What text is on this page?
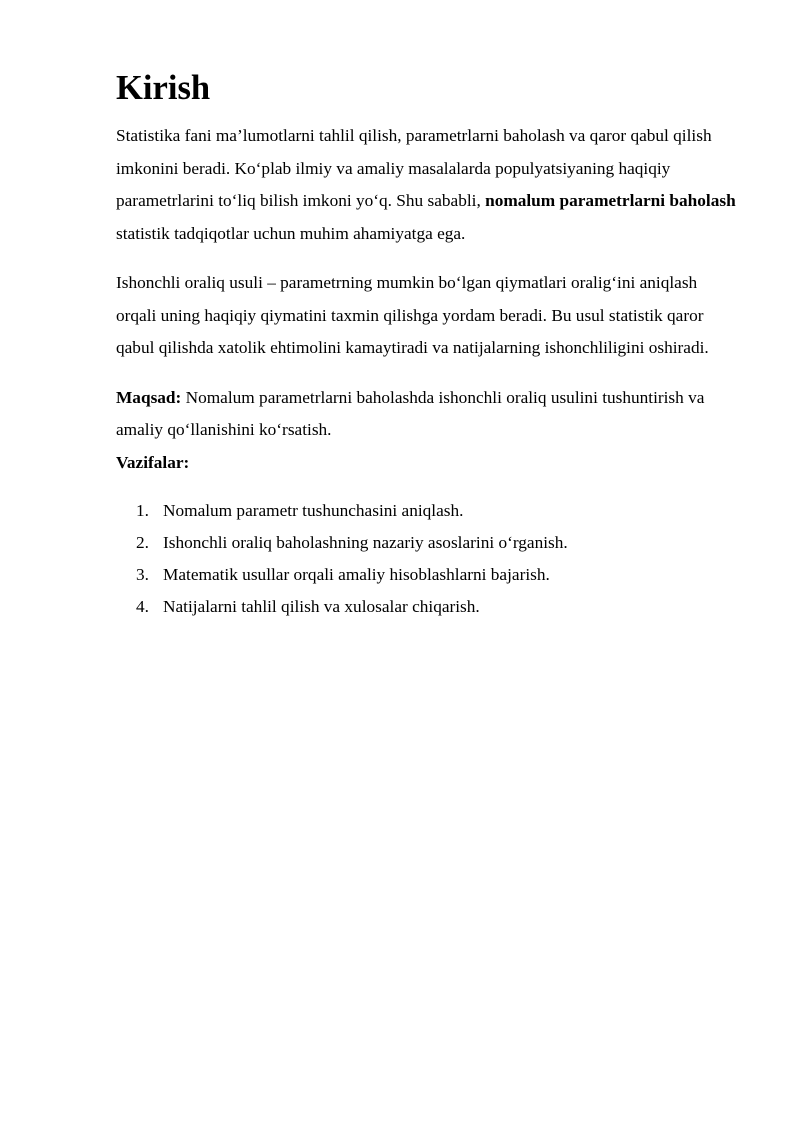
Kirish

Statistika fani ma’lumotlarni tahlil qilish, parametrlarni baholash va qaror qabul qilish imkonini beradi. Ko‘plab ilmiy va amaliy masalalarda populyatsiyaning haqiqiy parametrlarini to‘liq bilish imkoni yo‘q. Shu sababli, nomalum parametrlarni baholash statistik tadqiqotlar uchun muhim ahamiyatga ega.

Ishonchli oraliq usuli – parametrning mumkin bo‘lgan qiymatlari oralig‘ini aniqlash orqali uning haqiqiy qiymatini taxmin qilishga yordam beradi. Bu usul statistik qaror qabul qilishda xatolik ehtimolini kamaytiradi va natijalarning ishonchliligini oshiradi.

Maqsad: Nomalum parametrlarni baholashda ishonchli oraliq usulini tushuntirish va amaliy qo‘llanishini ko‘rsatish.

Vazifalar:

1. Nomalum parametr tushunchasini aniqlash.
2. Ishonchli oraliq baholashning nazariy asoslarini o‘rganish.
3. Matematik usullar orqali amaliy hisoblashlarni bajarish.
4. Natijalarni tahlil qilish va xulosalar chiqarish.
